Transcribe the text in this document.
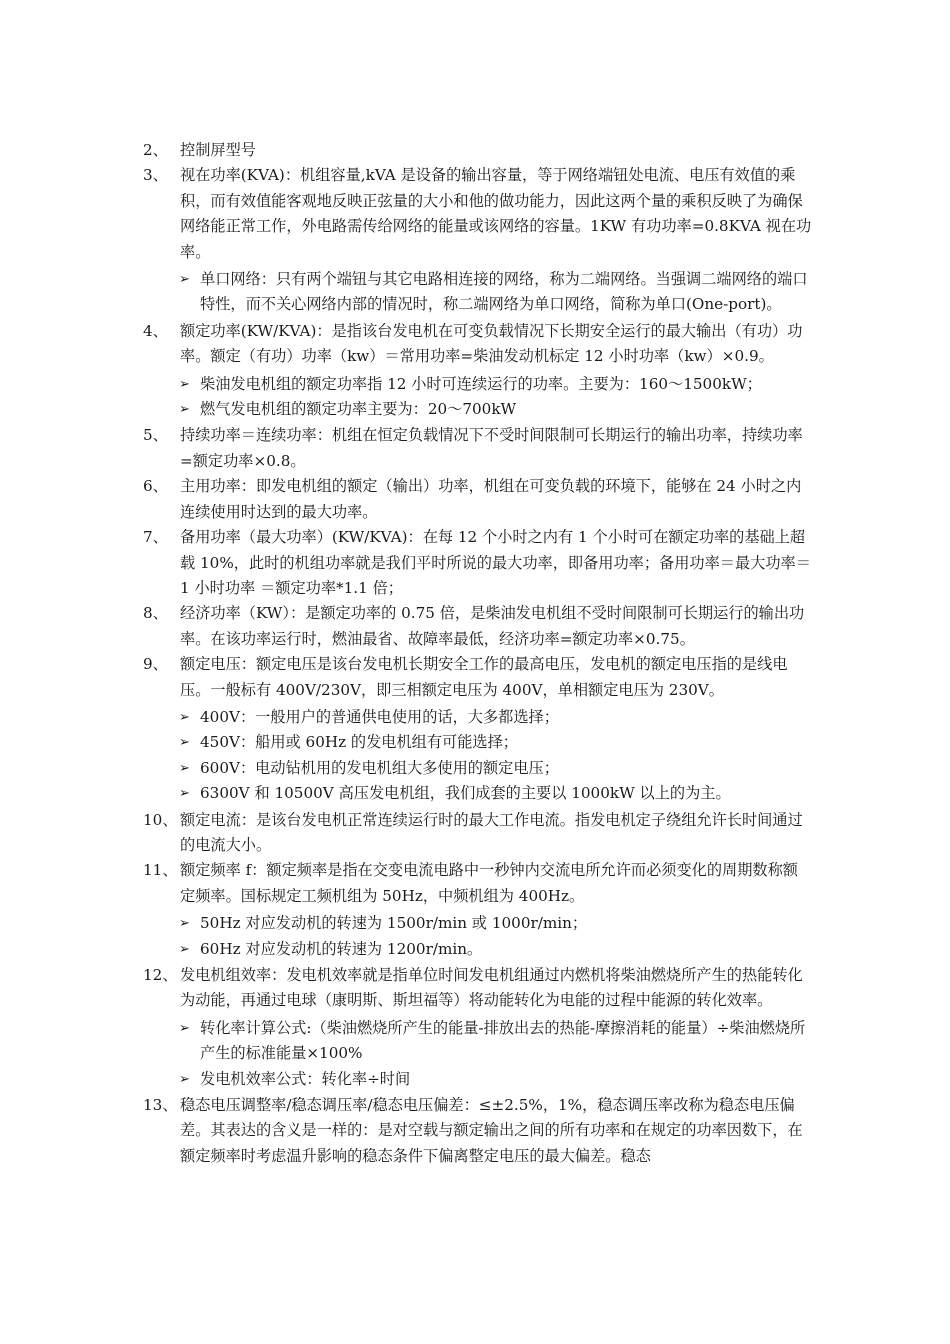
2、 控制屏型号
3、 视在功率(KVA)：机组容量,kVA 是设备的输出容量，等于网络端钮处电流、电压有效值的乘积，而有效值能客观地反映正弦量的大小和他的做功能力，因此这两个量的乘积反映了为确保网络能正常工作，外电路需传给网络的能量或该网络的容量。1KW 有功功率=0.8KVA 视在功率。
➢ 单口网络：只有两个端钮与其它电路相连接的网络，称为二端网络。当强调二端网络的端口特性，而不关心网络内部的情况时，称二端网络为单口网络，简称为单口(One-port)。
4、 额定功率(KW/KVA)：是指该台发电机在可变负载情况下长期安全运行的最大输出（有功）功率。额定（有功）功率（kw）＝常用功率=柴油发动机标定 12 小时功率（kw）×0.9。
➢ 柴油发电机组的额定功率指 12 小时可连续运行的功率。主要为：160～1500kW；
➢ 燃气发电机组的额定功率主要为：20～700kW
5、 持续功率＝连续功率：机组在恒定负载情况下不受时间限制可长期运行的输出功率，持续功率=额定功率×0.8。
6、 主用功率：即发电机组的额定（输出）功率，机组在可变负载的环境下，能够在 24 小时之内连续使用时达到的最大功率。
7、 备用功率（最大功率）(KW/KVA)：在每 12 个小时之内有 1 个小时可在额定功率的基础上超载 10%，此时的机组功率就是我们平时所说的最大功率，即备用功率；备用功率＝最大功率＝1 小时功率 ＝额定功率*1.1 倍；
8、 经济功率（KW）：是额定功率的 0.75 倍，是柴油发电机组不受时间限制可长期运行的输出功率。在该功率运行时，燃油最省、故障率最低，经济功率=额定功率×0.75。
9、 额定电压：额定电压是该台发电机长期安全工作的最高电压，发电机的额定电压指的是线电压。一般标有 400V/230V，即三相额定电压为 400V，单相额定电压为 230V。
➢ 400V：一般用户的普通供电使用的话，大多都选择；
➢ 450V：船用或 60Hz 的发电机组有可能选择；
➢ 600V：电动钻机用的发电机组大多使用的额定电压；
➢ 6300V 和 10500V 高压发电机组，我们成套的主要以 1000kW 以上的为主。
10、 额定电流：是该台发电机正常连续运行时的最大工作电流。指发电机定子绕组允许长时间通过的电流大小。
11、 额定频率 f：额定频率是指在交变电流电路中一秒钟内交流电所允许而必须变化的周期数称额定频率。国标规定工频机组为 50Hz，中频机组为 400Hz。
➢ 50Hz 对应发动机的转速为 1500r/min 或 1000r/min；
➢ 60Hz 对应发动机的转速为 1200r/min。
12、 发电机组效率：发电机效率就是指单位时间发电机组通过内燃机将柴油燃烧所产生的热能转化为动能，再通过电球（康明斯、斯坦福等）将动能转化为电能的过程中能源的转化效率。
➢ 转化率计算公式:（柴油燃烧所产生的能量-排放出去的热能-摩擦消耗的能量）÷柴油燃烧所产生的标准能量×100%
➢ 发电机效率公式：转化率÷时间
13、 稳态电压调整率/稳态调压率/稳态电压偏差：≤±2.5%，1%，稳态调压率改称为稳态电压偏差。其表达的含义是一样的：是对空载与额定输出之间的所有功率和在规定的功率因数下，在额定频率时考虑温升影响的稳态条件下偏离整定电压的最大偏差。稳态
